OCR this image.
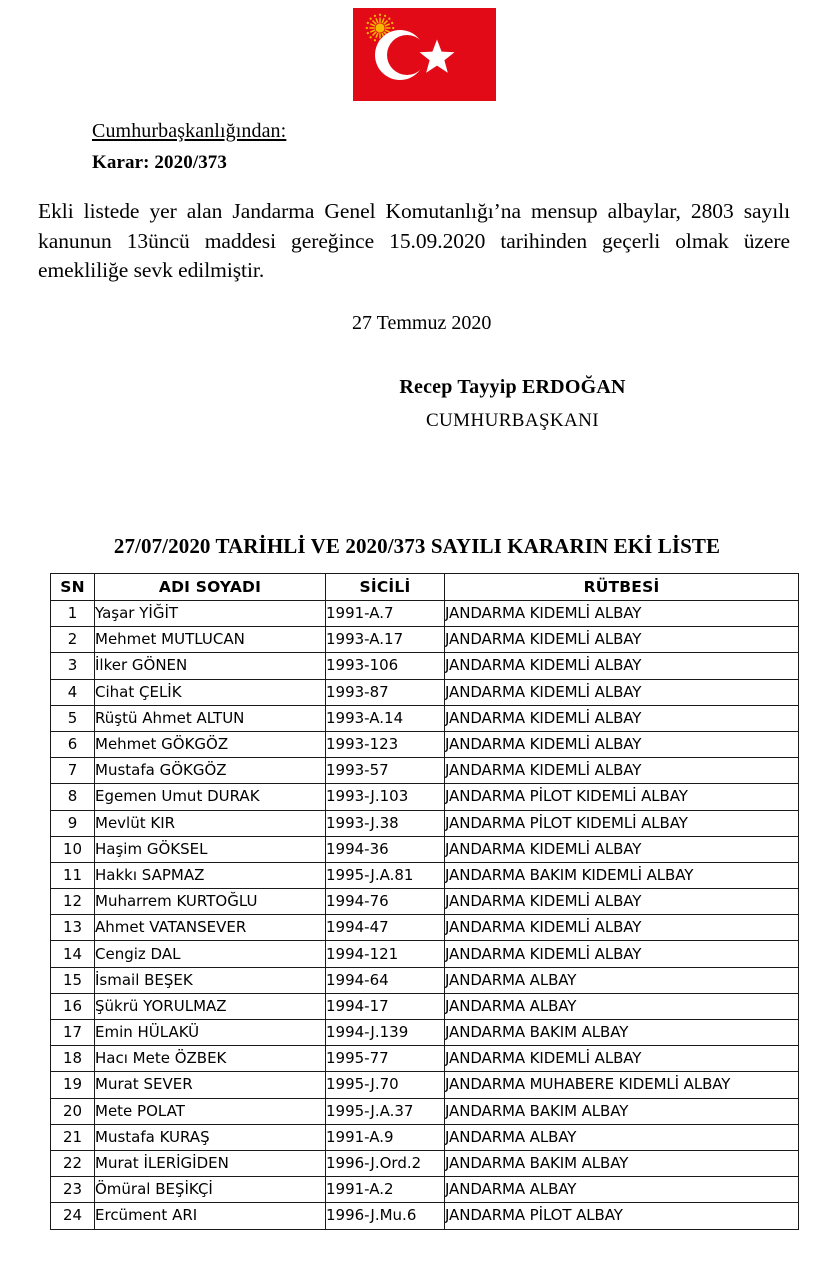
Cumhurbaşkanlığından:
Karar: 2020/373
Ekli listede yer alan Jandarma Genel Komutanlığı’na mensup albaylar, 2803 sayılı kanunun 13üncü maddesi gereğince 15.09.2020 tarihinden geçerli olmak üzere emekliliğe sevk edilmiştir.
27 Temmuz 2020
Recep Tayyip ERDOĞAN
CUMHURBAŞKANI
27/07/2020 TARİHLİ VE 2020/373 SAYILI KARARIN EKİ LİSTE
SN	ADI SOYADI	SİCİLİ	RÜTBESİ
1	Yaşar YİĞİT	1991-A.7	JANDARMA KIDEMLİ ALBAY
2	Mehmet MUTLUCAN	1993-A.17	JANDARMA KIDEMLİ ALBAY
3	İlker GÖNEN	1993-106	JANDARMA KIDEMLİ ALBAY
4	Cihat ÇELİK	1993-87	JANDARMA KIDEMLİ ALBAY
5	Rüştü Ahmet ALTUN	1993-A.14	JANDARMA KIDEMLİ ALBAY
6	Mehmet GÖKGÖZ	1993-123	JANDARMA KIDEMLİ ALBAY
7	Mustafa GÖKGÖZ	1993-57	JANDARMA KIDEMLİ ALBAY
8	Egemen Umut DURAK	1993-J.103	JANDARMA PİLOT KIDEMLİ ALBAY
9	Mevlüt KIR	1993-J.38	JANDARMA PİLOT KIDEMLİ ALBAY
10	Haşim GÖKSEL	1994-36	JANDARMA KIDEMLİ ALBAY
11	Hakkı SAPMAZ	1995-J.A.81	JANDARMA BAKIM KIDEMLİ ALBAY
12	Muharrem KURTOĞLU	1994-76	JANDARMA KIDEMLİ ALBAY
13	Ahmet VATANSEVER	1994-47	JANDARMA KIDEMLİ ALBAY
14	Cengiz DAL	1994-121	JANDARMA KIDEMLİ ALBAY
15	İsmail BEŞEK	1994-64	JANDARMA ALBAY
16	Şükrü YORULMAZ	1994-17	JANDARMA ALBAY
17	Emin HÜLAKÜ	1994-J.139	JANDARMA BAKIM ALBAY
18	Hacı Mete ÖZBEK	1995-77	JANDARMA KIDEMLİ ALBAY
19	Murat SEVER	1995-J.70	JANDARMA MUHABERE KIDEMLİ ALBAY
20	Mete POLAT	1995-J.A.37	JANDARMA BAKIM ALBAY
21	Mustafa KURAŞ	1991-A.9	JANDARMA ALBAY
22	Murat İLERİGİDEN	1996-J.Ord.2	JANDARMA BAKIM ALBAY
23	Ömüral BEŞİKÇİ	1991-A.2	JANDARMA ALBAY
24	Ercüment ARI	1996-J.Mu.6	JANDARMA PİLOT ALBAY
